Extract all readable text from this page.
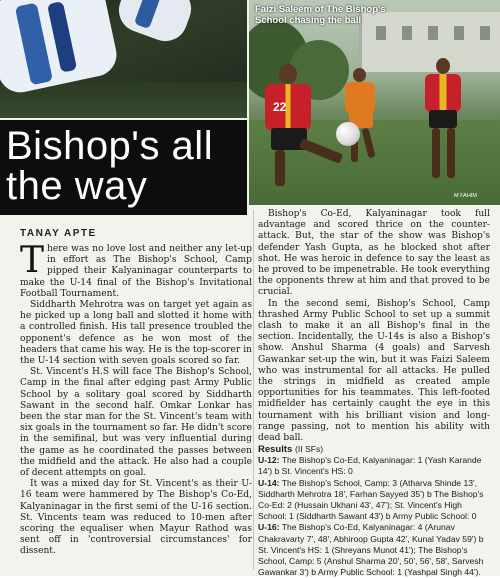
22
Faizi Saleem of The Bishop's School chasing the ball
M FAHIM
Bishop's all the way
TANAY APTE

There was no love lost and neither any let-up in effort as The Bishop's School, Camp pipped their Kalyaninagar counterparts to make the U-14 final of the Bishop's Invitational Football Tournament.

Siddharth Mehrotra was on target yet again as he picked up a long ball and slotted it home with a controlled finish. His tall presence troubled the opponent's defence as he won most of the headers that came his way. He is the top-scorer in the U-14 section with seven goals scored so far.

St. Vincent's H.S will face The Bishop's School, Camp in the final after edging past Army Public School by a solitary goal scored by Siddharth Sawant in the second half. Omkar Lonkar has been the star man for the St. Vincent's team with six goals in the tournament so far. He didn't score in the semifinal, but was very influential during the game as he coordinated the passes between the midfield and the attack. He also had a couple of decent attempts on goal.

It was a mixed day for St. Vincent's as their U-16 team were hammered by The Bishop's Co-Ed, Kalyaninagar in the first semi of the U-16 section. St. Vincents team was reduced to 10-men after scoring the equaliser when Mayur Rathod was sent off in 'controversial circumstances' for dissent.

Bishop's Co-Ed, Kalyaninagar took full advantage and scored thrice on the counter-attack. But, the star of the show was Bishop's defender Yash Gupta, as he blocked shot after shot. He was heroic in defence to say the least as he proved to be impenetrable. He took everything the opponents threw at him and that proved to be crucial.

In the second semi, Bishop's School, Camp thrashed Army Public School to set up a summit clash to make it an all Bishop's final in the section. Incidentally, the U-14s is also a Bishop's show. Anshul Sharma (4 goals) and Sarvesh Gawankar set-up the win, but it was Faizi Saleem who was instrumental for all attacks. He pulled the strings in midfield as created ample opportunities for his teammates. This left-footed midfielder has certainly caught the eye in this tournament with his brilliant vision and long-range passing, not to mention his ability with dead ball.

Results (II SFs)

U-12: The Bishop's Co-Ed, Kalyaninagar: 1 (Yash Karande 14') b St. Vincent's HS: 0

U-14: The Bishop's School, Camp: 3 (Atharva Shinde 13', Siddharth Mehrotra 18', Farhan Sayyed 35') b The Bishop's Co-Ed: 2 (Hussain Ukhani 43', 47'); St. Vincent's High School: 1 (Siddharth Sawant 43') b Army Public School: 0

U-16: The Bishop's Co-Ed, Kalyaninagar: 4 (Arunav Chakravarty 7', 48', Abhiroop Gupta 42', Kunal Yadav 59') b St. Vincent's HS: 1 (Shreyans Munot 41'); The Bishop's School, Camp: 5 (Anshul Sharma 20', 50', 56', 58', Sarvesh Gawankar 3') b Army Public School: 1 (Yashpal Singh 44').
